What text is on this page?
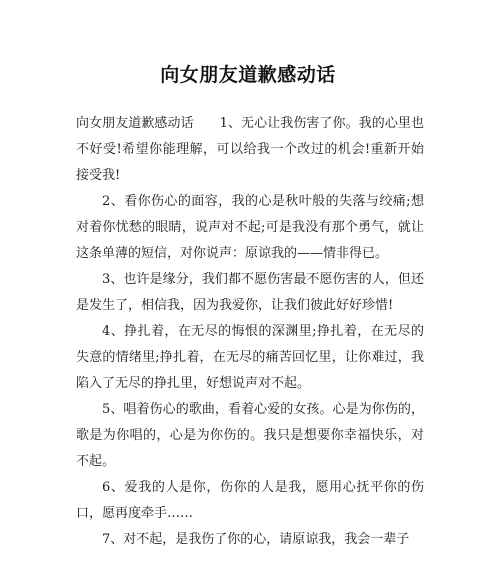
向女朋友道歉感动话

向女朋友道歉感动话 1、无心让我伤害了你。我的心里也不好受!希望你能理解，可以给我一个改过的机会!重新开始接受我!

2、看你伤心的面容，我的心是秋叶般的失落与绞痛;想对着你忧愁的眼睛，说声对不起;可是我没有那个勇气，就让这条单薄的短信，对你说声：原谅我的——情非得已。

3、也许是缘分，我们都不愿伤害最不愿伤害的人，但还是发生了，相信我，因为我爱你，让我们彼此好好珍惜!

4、挣扎着，在无尽的悔恨的深渊里;挣扎着，在无尽的失意的情绪里;挣扎着，在无尽的痛苦回忆里，让你难过，我陷入了无尽的挣扎里，好想说声对不起。

5、唱着伤心的歌曲，看着心爱的女孩。心是为你伤的，歌是为你唱的，心是为你伤的。我只是想要你幸福快乐，对不起。

6、爱我的人是你，伤你的人是我，愿用心抚平你的伤口，愿再度牵手……

7、对不起，是我伤了你的心，请原谅我，我会一辈子
